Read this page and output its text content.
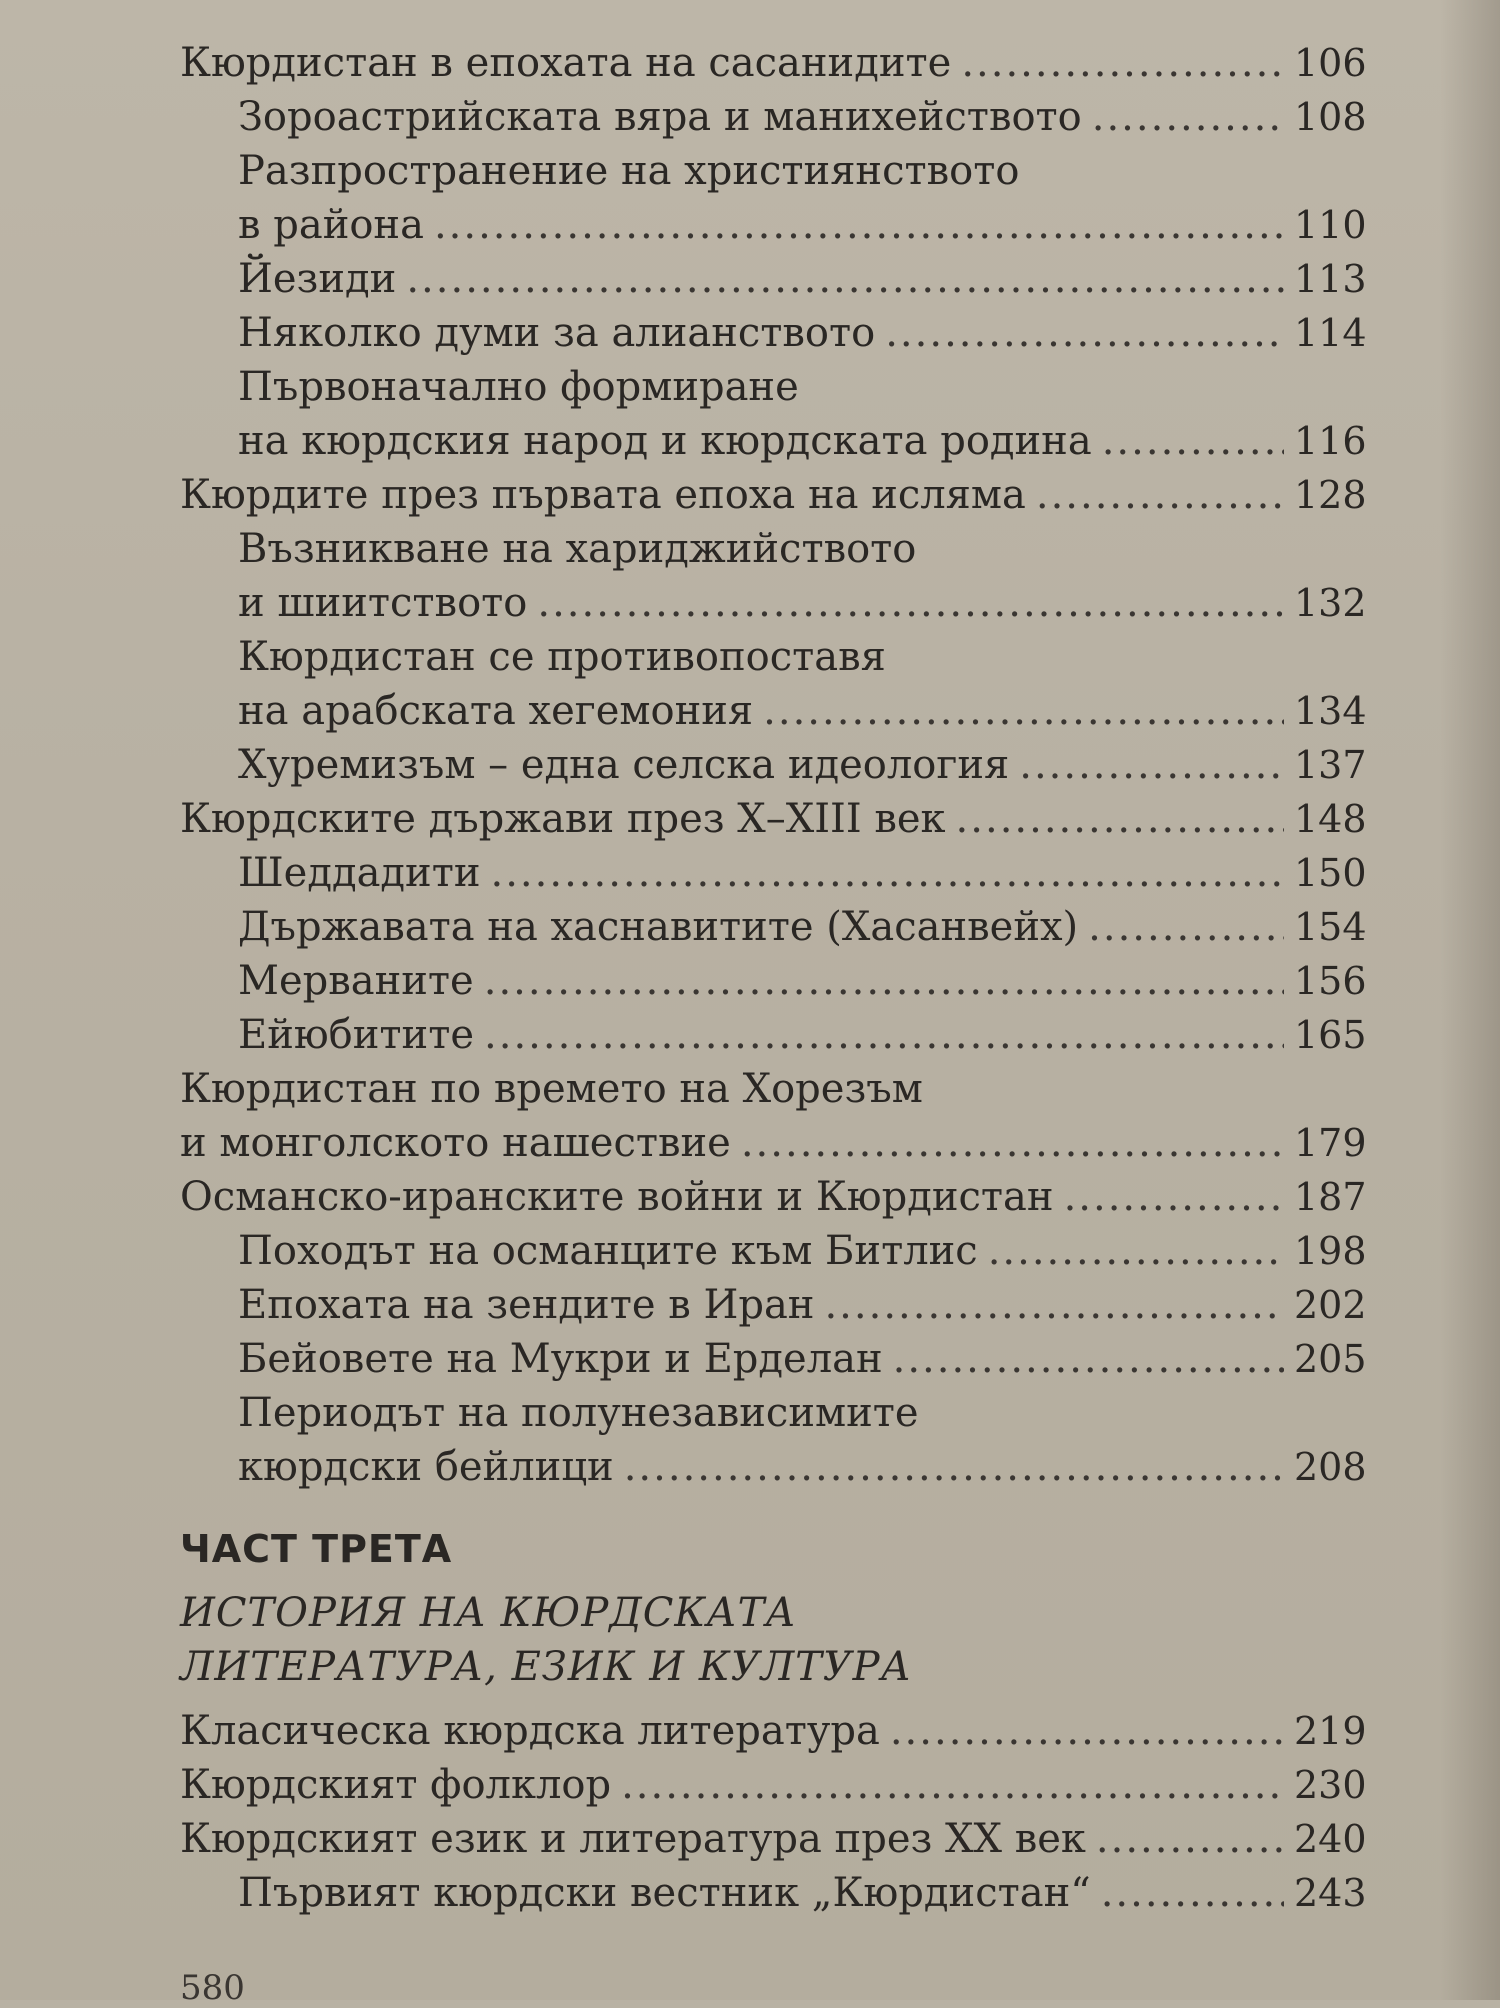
Кюрдистан в епохата на сасанидите .....	106
Зороастрийската вяра и манихейството .....	108
Разпространение на християнството
в района .....	110
Йезиди .....	113
Няколко думи за алианството .....	114
Първоначално формиране
на кюрдския народ и кюрдската родина .....	116
Кюрдите през първата епоха на исляма .....	128
Възникване на хариджийството
и шиитството .....	132
Кюрдистан се противопоставя
на арабската хегемония .....	134
Хуремизъм – една селска идеология .....	137
Кюрдските държави през X–XIII век .....	148
Шеддадити .....	150
Държавата на хаснавитите (Хасанвейх) .....	154
Мерваните .....	156
Ейюбитите .....	165
Кюрдистан по времето на Хорезъм
и монголското нашествие .....	179
Османско-иранските войни и Кюрдистан .....	187
Походът на османците към Битлис .....	198
Епохата на зендите в Иран .....	202
Бейовете на Мукри и Ерделан .....	205
Периодът на полунезависимите
кюрдски бейлици .....	208
ЧАСТ ТРЕТА
ИСТОРИЯ НА КЮРДСКАТА
ЛИТЕРАТУРА, ЕЗИК И КУЛТУРА
Класическа кюрдска литература .....	219
Кюрдският фолклор .....	230
Кюрдският език и литература през XX век .....	240
Първият кюрдски вестник „Кюрдистан“ .....	243
580
